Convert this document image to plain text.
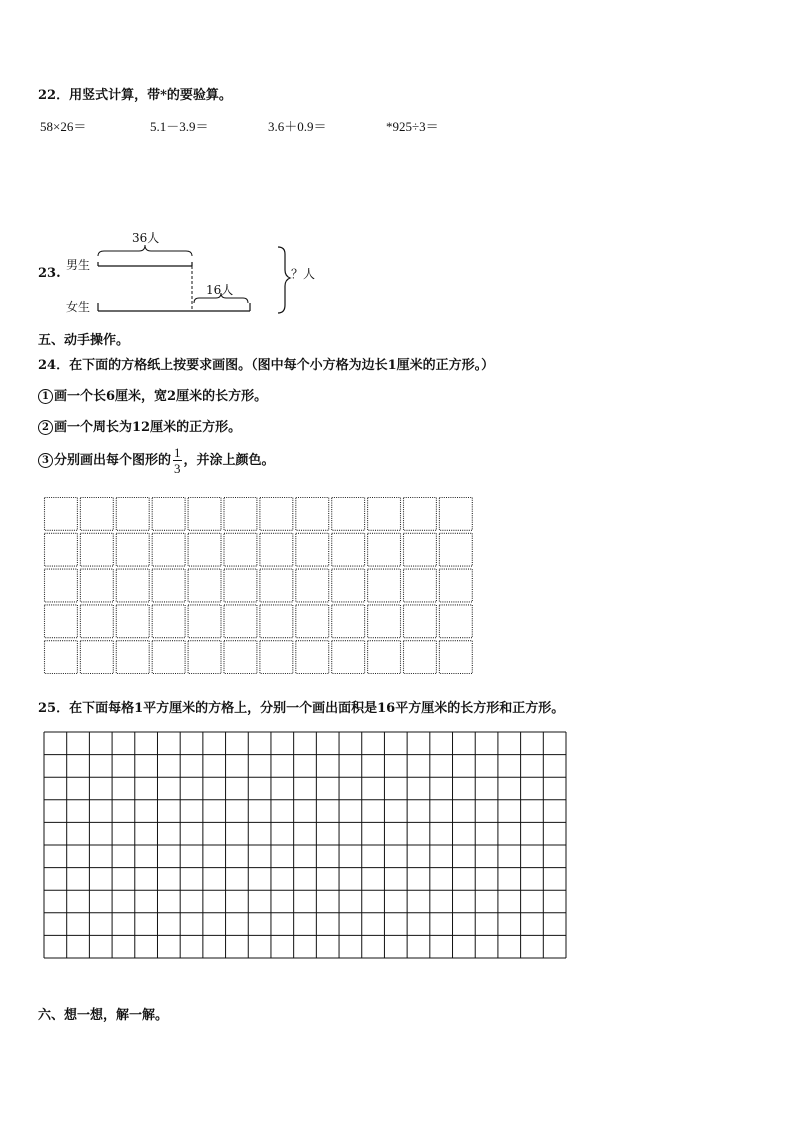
22．用竖式计算，带*的要验算。
58×26＝	5.1－3.9＝	3.6＋0.9＝	*925÷3＝
23.
男生
女生
36人
16人
？人
五、动手操作。
24．在下面的方格纸上按要求画图。（图中每个小方格为边长1厘米的正方形。）
1 画一个长6厘米，宽2厘米的长方形。
2 画一个周长为12厘米的正方形。
3 分别画出每个图形的 $\frac{1}{3}$ ，并涂上颜色。
25．在下面每格1平方厘米的方格上，分别一个画出面积是16平方厘米的长方形和正方形。
六、想一想，解一解。
